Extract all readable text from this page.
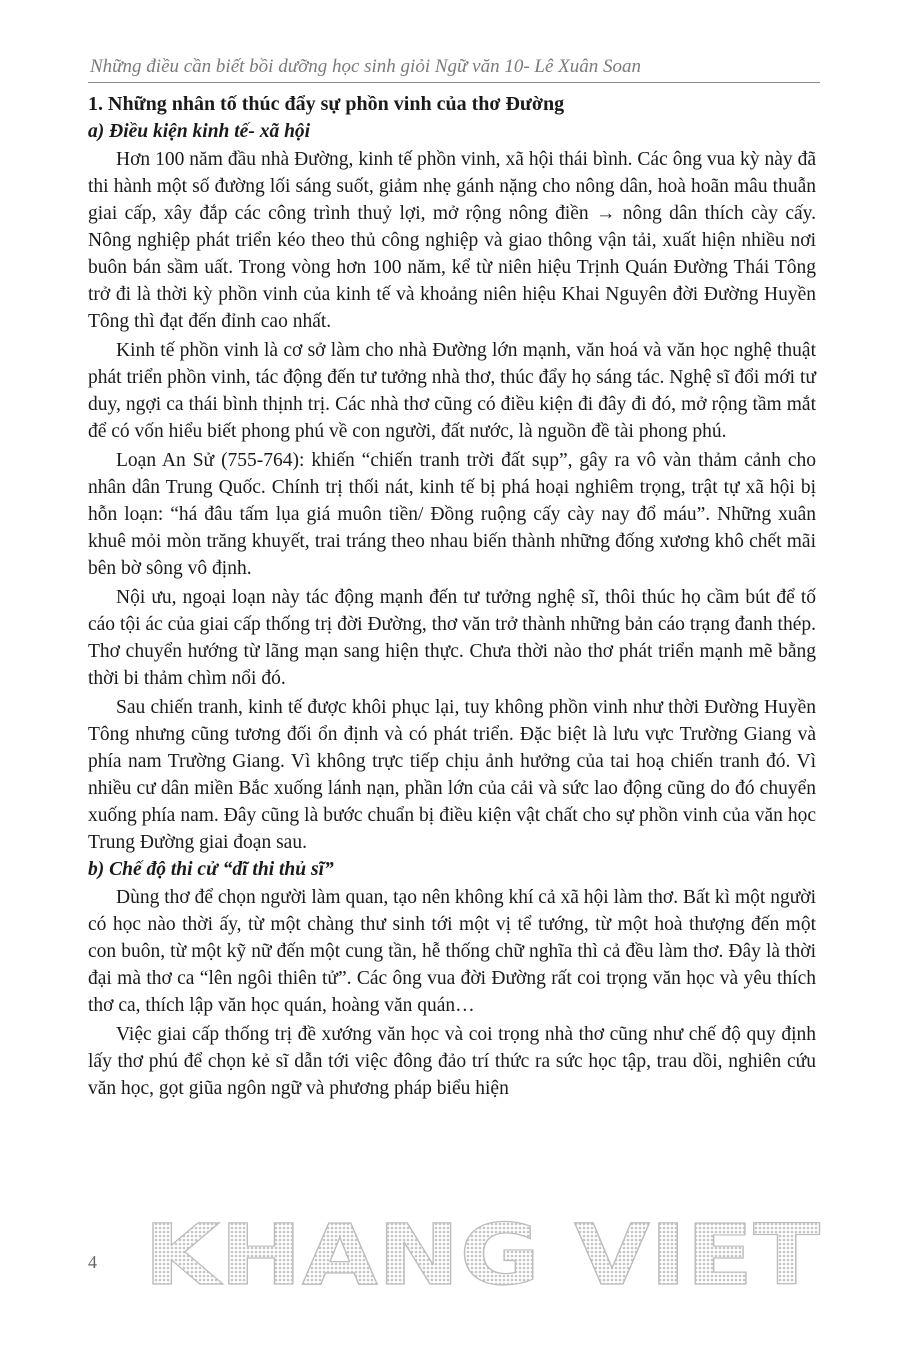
Những điều cần biết bồi dưỡng học sinh giỏi Ngữ văn 10- Lê Xuân Soan

1. Những nhân tố thúc đẩy sự phồn vinh của thơ Đường

a) Điều kiện kinh tế- xã hội

Hơn 100 năm đầu nhà Đường, kinh tế phồn vinh, xã hội thái bình. Các ông vua kỳ này đã thi hành một số đường lối sáng suốt, giảm nhẹ gánh nặng cho nông dân, hoà hoãn mâu thuẫn giai cấp, xây đắp các công trình thuỷ lợi, mở rộng nông điền → nông dân thích cày cấy. Nông nghiệp phát triển kéo theo thủ công nghiệp và giao thông vận tải, xuất hiện nhiều nơi buôn bán sầm uất. Trong vòng hơn 100 năm, kể từ niên hiệu Trịnh Quán Đường Thái Tông trở đi là thời kỳ phồn vinh của kinh tế và khoảng niên hiệu Khai Nguyên đời Đường Huyền Tông thì đạt đến đỉnh cao nhất.

Kinh tế phồn vinh là cơ sở làm cho nhà Đường lớn mạnh, văn hoá và văn học nghệ thuật phát triển phồn vinh, tác động đến tư tưởng nhà thơ, thúc đẩy họ sáng tác. Nghệ sĩ đổi mới tư duy, ngợi ca thái bình thịnh trị. Các nhà thơ cũng có điều kiện đi đây đi đó, mở rộng tầm mắt để có vốn hiểu biết phong phú về con người, đất nước, là nguồn đề tài phong phú.

Loạn An Sử (755-764): khiến “chiến tranh trời đất sụp”, gây ra vô vàn thảm cảnh cho nhân dân Trung Quốc. Chính trị thối nát, kinh tế bị phá hoại nghiêm trọng, trật tự xã hội bị hỗn loạn: “há đâu tấm lụa giá muôn tiền/ Đồng ruộng cấy cày nay đổ máu”. Những xuân khuê mỏi mòn trăng khuyết, trai tráng theo nhau biến thành những đống xương khô chết mãi bên bờ sông vô định.

Nội ưu, ngoại loạn này tác động mạnh đến tư tưởng nghệ sĩ, thôi thúc họ cầm bút để tố cáo tội ác của giai cấp thống trị đời Đường, thơ văn trở thành những bản cáo trạng đanh thép. Thơ chuyển hướng từ lãng mạn sang hiện thực. Chưa thời nào thơ phát triển mạnh mẽ bằng thời bi thảm chìm nổi đó.

Sau chiến tranh, kinh tế được khôi phục lại, tuy không phồn vinh như thời Đường Huyền Tông nhưng cũng tương đối ổn định và có phát triển. Đặc biệt là lưu vực Trường Giang và phía nam Trường Giang. Vì không trực tiếp chịu ảnh hưởng của tai hoạ chiến tranh đó. Vì nhiều cư dân miền Bắc xuống lánh nạn, phần lớn của cải và sức lao động cũng do đó chuyển xuống phía nam. Đây cũng là bước chuẩn bị điều kiện vật chất cho sự phồn vinh của văn học Trung Đường giai đoạn sau.

b) Chế độ thi cử “dĩ thi thủ sĩ”

Dùng thơ để chọn người làm quan, tạo nên không khí cả xã hội làm thơ. Bất kì một người có học nào thời ấy, từ một chàng thư sinh tới một vị tể tướng, từ một hoà thượng đến một con buôn, từ một kỹ nữ đến một cung tần, hễ thống chữ nghĩa thì cả đều làm thơ. Đây là thời đại mà thơ ca “lên ngôi thiên tử”. Các ông vua đời Đường rất coi trọng văn học và yêu thích thơ ca, thích lập văn học quán, hoàng văn quán…

Việc giai cấp thống trị đề xướng văn học và coi trọng nhà thơ cũng như chế độ quy định lấy thơ phú để chọn kẻ sĩ dẫn tới việc đông đảo trí thức ra sức học tập, trau dồi, nghiên cứu văn học, gọt giũa ngôn ngữ và phương pháp biểu hiện

4 KHANG VIET
